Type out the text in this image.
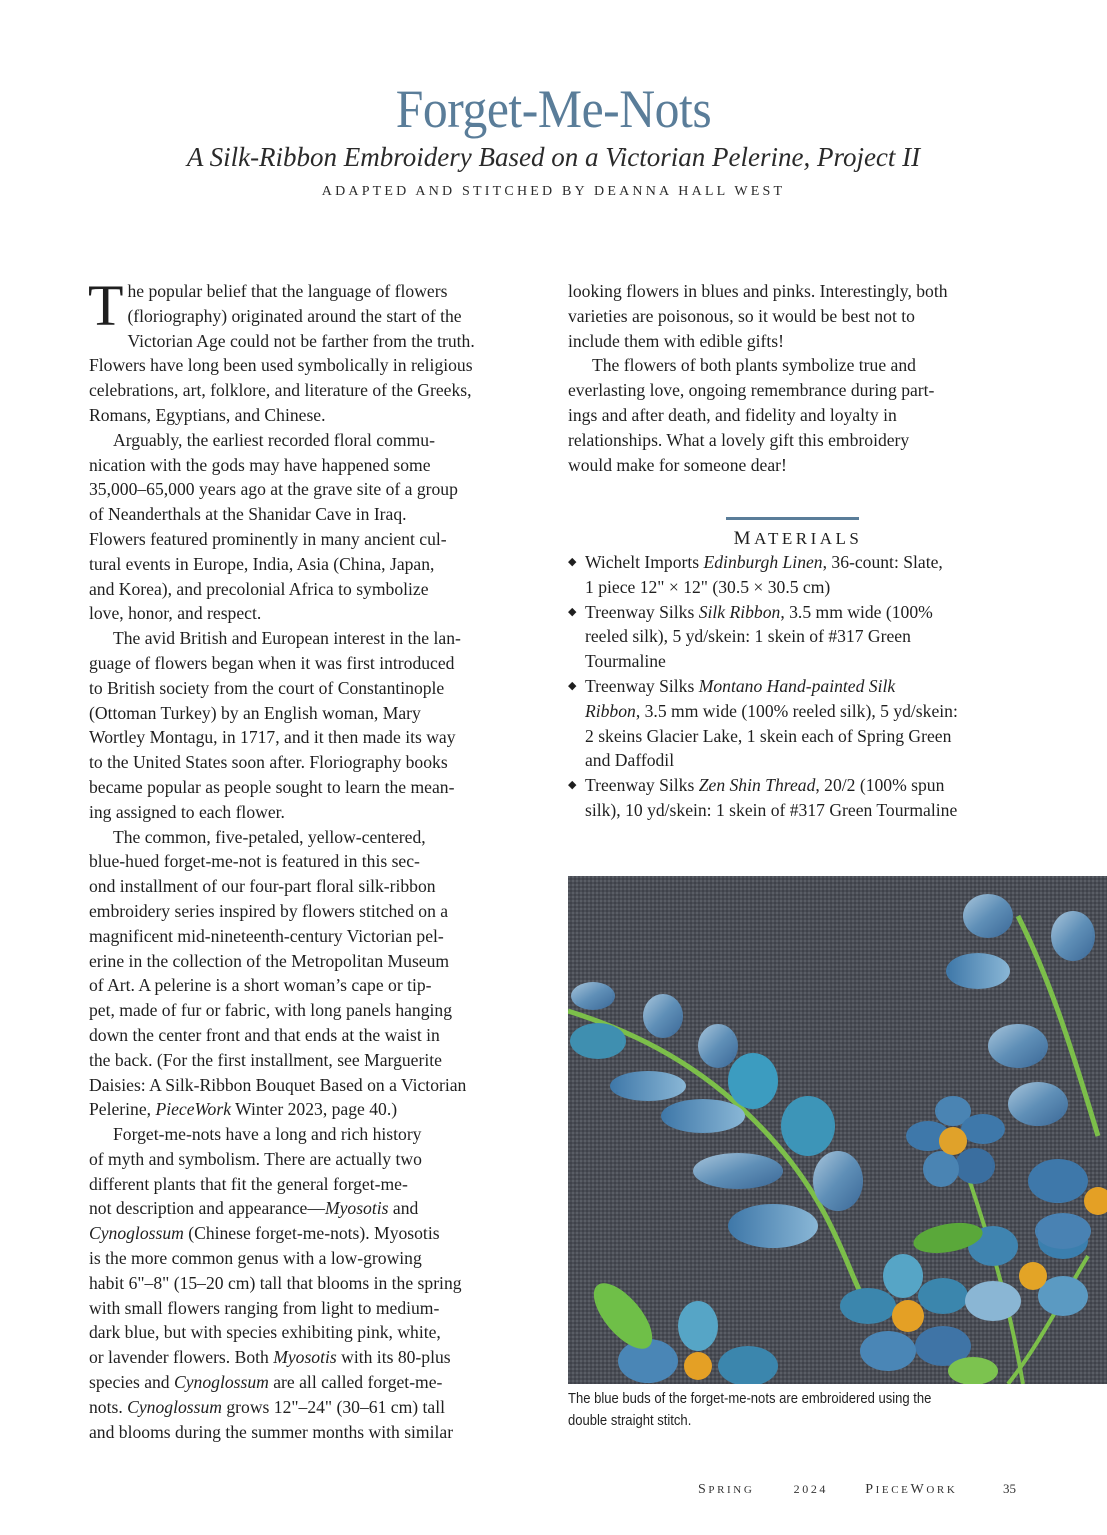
Forget-Me-Nots
A Silk-Ribbon Embroidery Based on a Victorian Pelerine, Project II
ADAPTED AND STITCHED BY DEANNA HALL WEST
T he popular belief that the language of flowers
(floriography) originated around the start of the
Victorian Age could not be farther from the truth.
Flowers have long been used symbolically in religious
celebrations, art, folklore, and literature of the Greeks,
Romans, Egyptians, and Chinese.
Arguably, the earliest recorded floral commu-
nication with the gods may have happened some
35,000–65,000 years ago at the grave site of a group
of Neanderthals at the Shanidar Cave in Iraq.
Flowers featured prominently in many ancient cul-
tural events in Europe, India, Asia (China, Japan,
and Korea), and precolonial Africa to symbolize
love, honor, and respect.
The avid British and European interest in the lan-
guage of flowers began when it was first introduced
to British society from the court of Constantinople
(Ottoman Turkey) by an English woman, Mary
Wortley Montagu, in 1717, and it then made its way
to the United States soon after. Floriography books
became popular as people sought to learn the mean-
ing assigned to each flower.
The common, five-petaled, yellow-centered,
blue-hued forget-me-not is featured in this sec-
ond installment of our four-part floral silk-ribbon
embroidery series inspired by flowers stitched on a
magnificent mid-nineteenth-century Victorian pel-
erine in the collection of the Metropolitan Museum
of Art. A pelerine is a short woman’s cape or tip-
pet, made of fur or fabric, with long panels hanging
down the center front and that ends at the waist in
the back. (For the first installment, see Marguerite
Daisies: A Silk-Ribbon Bouquet Based on a Victorian
Pelerine, PieceWork Winter 2023, page 40.)
Forget-me-nots have a long and rich history
of myth and symbolism. There are actually two
different plants that fit the general forget-me-
not description and appearance—Myosotis and
Cynoglossum (Chinese forget-me-nots). Myosotis
is the more common genus with a low-growing
habit 6"–8" (15–20 cm) tall that blooms in the spring
with small flowers ranging from light to medium-
dark blue, but with species exhibiting pink, white,
or lavender flowers. Both Myosotis with its 80-plus
species and Cynoglossum are all called forget-me-
nots. Cynoglossum grows 12"–24" (30–61 cm) tall
and blooms during the summer months with similar
looking flowers in blues and pinks. Interestingly, both
varieties are poisonous, so it would be best not to
include them with edible gifts!
The flowers of both plants symbolize true and
everlasting love, ongoing remembrance during part-
ings and after death, and fidelity and loyalty in
relationships. What a lovely gift this embroidery
would make for someone dear!
MATERIALS
◆ Wichelt Imports Edinburgh Linen, 36-count: Slate,
1 piece 12" × 12" (30.5 × 30.5 cm)
◆ Treenway Silks Silk Ribbon, 3.5 mm wide (100%
reeled silk), 5 yd/skein: 1 skein of #317 Green
Tourmaline
◆ Treenway Silks Montano Hand-painted Silk
Ribbon, 3.5 mm wide (100% reeled silk), 5 yd/skein:
2 skeins Glacier Lake, 1 skein each of Spring Green
and Daffodil
◆ Treenway Silks Zen Shin Thread, 20/2 (100% spun
silk), 10 yd/skein: 1 skein of #317 Green Tourmaline
The blue buds of the forget-me-nots are embroidered using the double straight stitch.
SPRING	2024	PIECEWORK	35
